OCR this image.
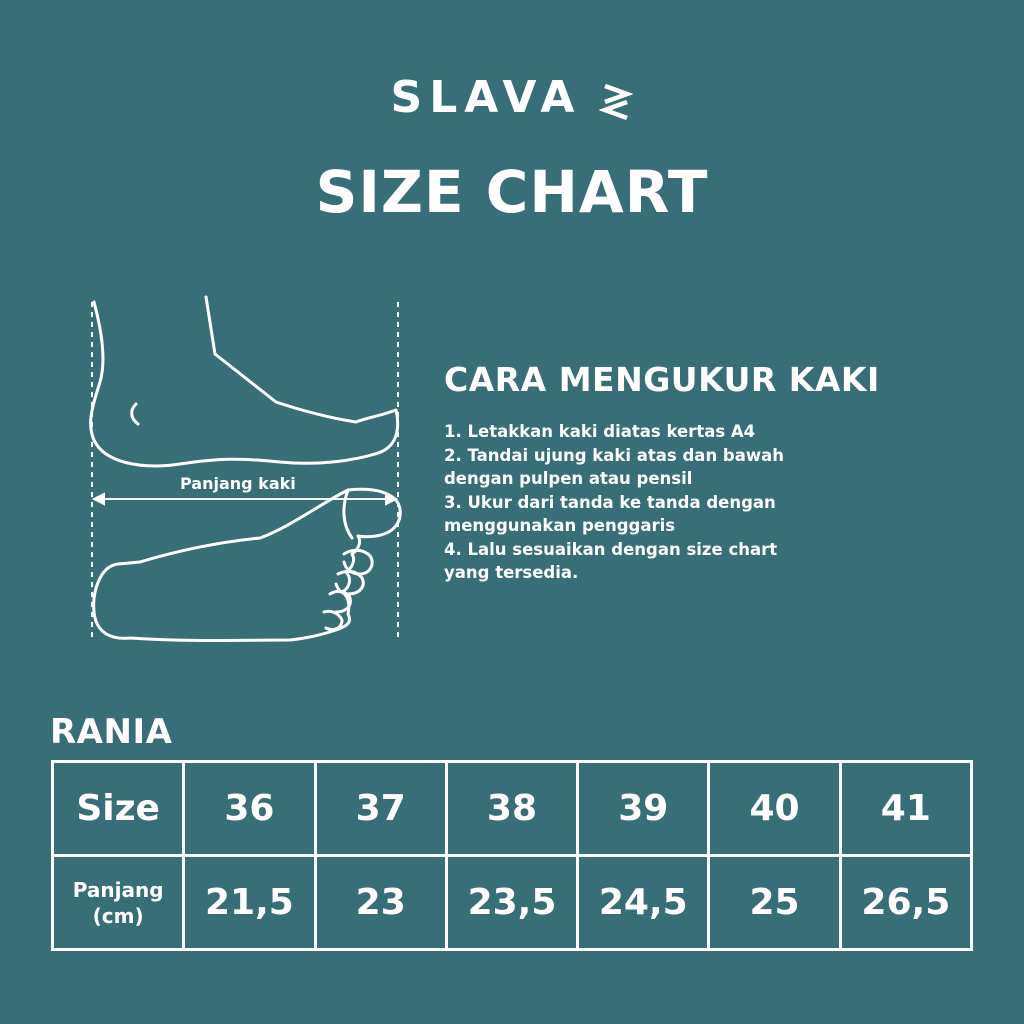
SLAVA
SIZE CHART
Panjang kaki
CARA MENGUKUR KAKI
1. Letakkan kaki diatas kertas A4
2. Tandai ujung kaki atas dan bawah
dengan pulpen atau pensil
3. Ukur dari tanda ke tanda dengan
menggunakan penggaris
4. Lalu sesuaikan dengan size chart
yang tersedia.
RANIA
Size	36	37	38	39	40	41

Panjang
(cm)	21,5	23	23,5	24,5	25	26,5
